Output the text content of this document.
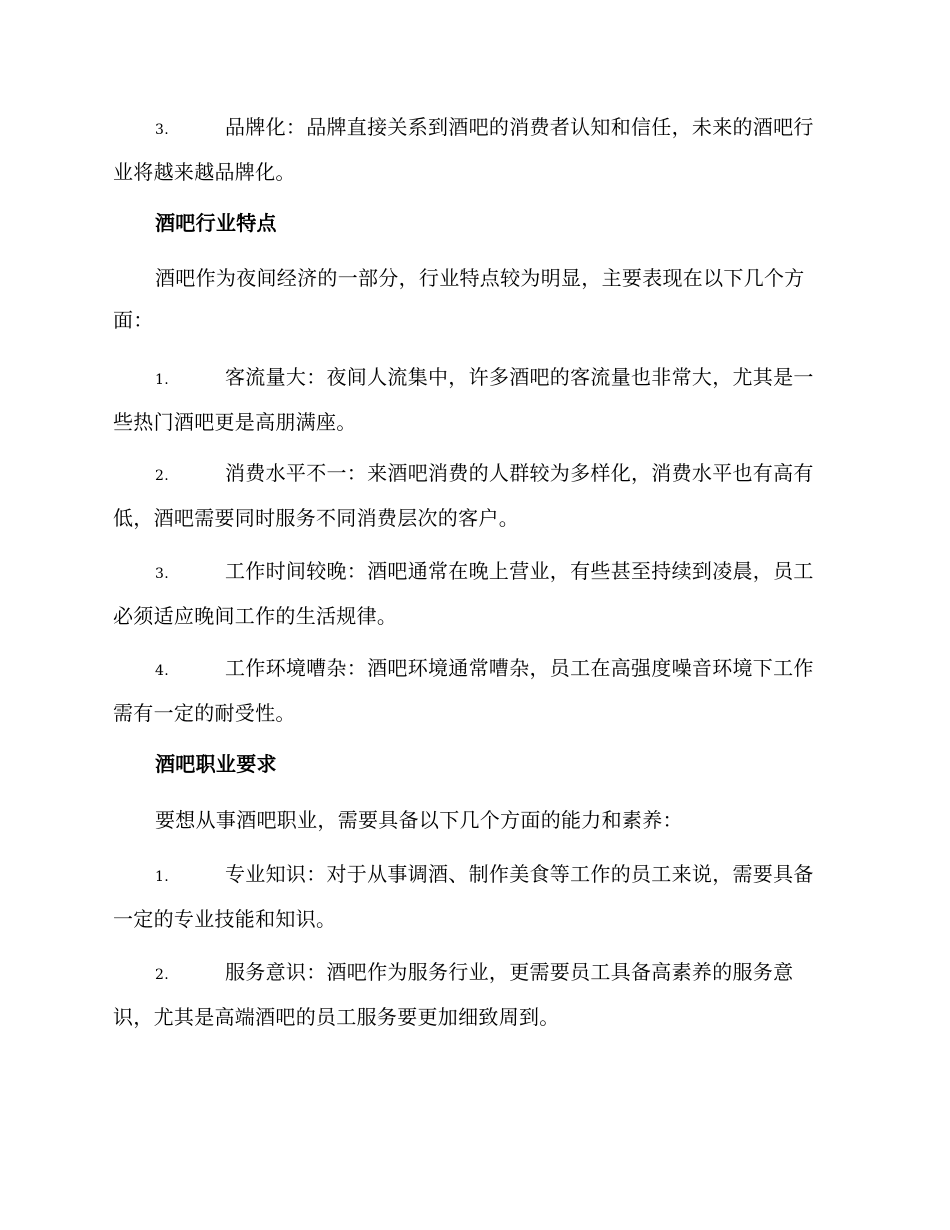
3.	品牌化：品牌直接关系到酒吧的消费者认知和信任，未来的酒吧行业将越来越品牌化。

酒吧行业特点

酒吧作为夜间经济的一部分，行业特点较为明显，主要表现在以下几个方面：

1.	客流量大：夜间人流集中，许多酒吧的客流量也非常大，尤其是一些热门酒吧更是高朋满座。

2.	消费水平不一：来酒吧消费的人群较为多样化，消费水平也有高有低，酒吧需要同时服务不同消费层次的客户。

3.	工作时间较晚：酒吧通常在晚上营业，有些甚至持续到凌晨，员工必须适应晚间工作的生活规律。

4.	工作环境嘈杂：酒吧环境通常嘈杂，员工在高强度噪音环境下工作需有一定的耐受性。

酒吧职业要求

要想从事酒吧职业，需要具备以下几个方面的能力和素养：

1.	专业知识：对于从事调酒、制作美食等工作的员工来说，需要具备一定的专业技能和知识。

2.	服务意识：酒吧作为服务行业，更需要员工具备高素养的服务意识，尤其是高端酒吧的员工服务要更加细致周到。
